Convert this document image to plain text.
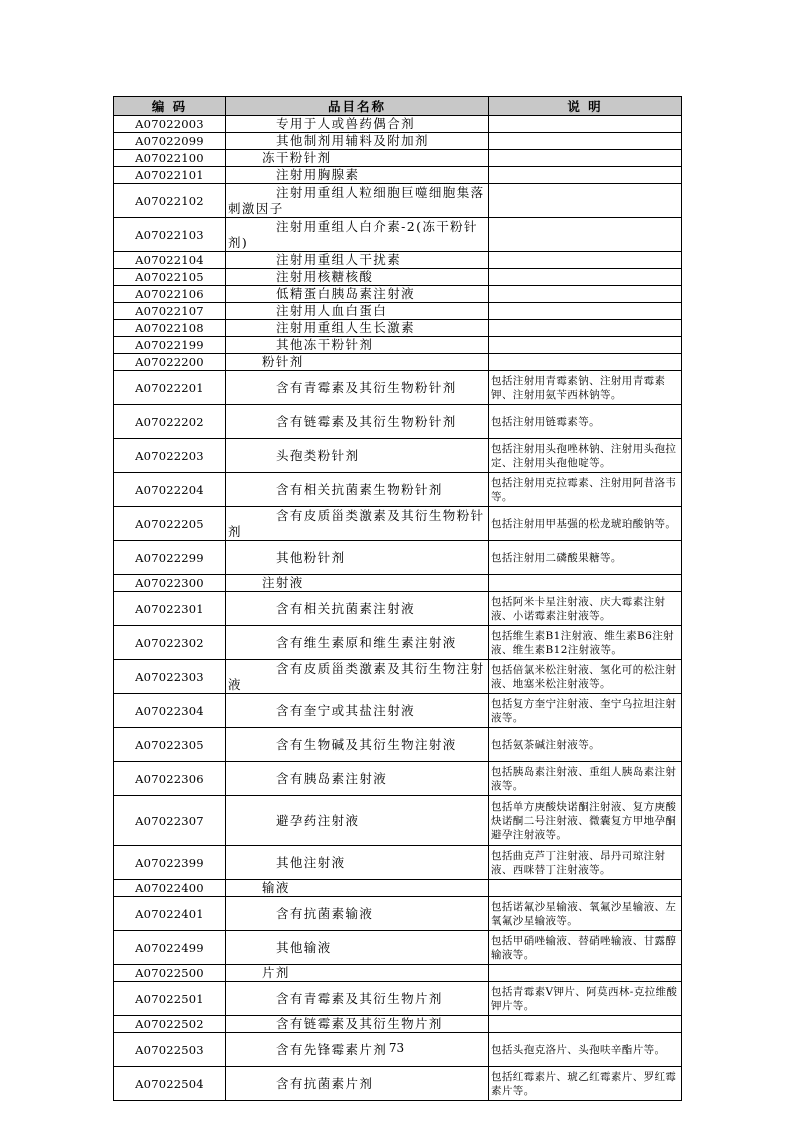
编 码	品目名称	说 明
A07022003	专用于人或兽药偶合剂	
A07022099	其他制剂用辅料及附加剂	
A07022100	冻干粉针剂	
A07022101	注射用胸腺素	
A07022102	注射用重组人粒细胞巨噬细胞集落刺激因子	
A07022103	注射用重组人白介素-2(冻干粉针剂)	
A07022104	注射用重组人干扰素	
A07022105	注射用核糖核酸	
A07022106	低精蛋白胰岛素注射液	
A07022107	注射用人血白蛋白	
A07022108	注射用重组人生长激素	
A07022199	其他冻干粉针剂	
A07022200	粉针剂	
A07022201	含有青霉素及其衍生物粉针剂	包括注射用青霉素钠、注射用青霉素钾、注射用氨苄西林钠等。
A07022202	含有链霉素及其衍生物粉针剂	包括注射用链霉素等。
A07022203	头孢类粉针剂	包括注射用头孢唑林钠、注射用头孢拉定、注射用头孢他啶等。
A07022204	含有相关抗菌素生物粉针剂	包括注射用克拉霉素、注射用阿昔洛韦等。
A07022205	含有皮质甾类激素及其衍生物粉针剂	包括注射用甲基强的松龙琥珀酸钠等。
A07022299	其他粉针剂	包括注射用二磷酸果糖等。
A07022300	注射液	
A07022301	含有相关抗菌素注射液	包括阿米卡星注射液、庆大霉素注射液、小诺霉素注射液等。
A07022302	含有维生素原和维生素注射液	包括维生素B1注射液、维生素B6注射液、维生素B12注射液等。
A07022303	含有皮质甾类激素及其衍生物注射液	包括倍氯米松注射液、氢化可的松注射液、地塞米松注射液等。
A07022304	含有奎宁或其盐注射液	包括复方奎宁注射液、奎宁乌拉坦注射液等。
A07022305	含有生物碱及其衍生物注射液	包括氨茶碱注射液等。
A07022306	含有胰岛素注射液	包括胰岛素注射液、重组人胰岛素注射液等。
A07022307	避孕药注射液	包括单方庚酸炔诺酮注射液、复方庚酸炔诺酮二号注射液、微囊复方甲地孕酮避孕注射液等。
A07022399	其他注射液	包括曲克芦丁注射液、昂丹司琼注射液、西咪替丁注射液等。
A07022400	输液	
A07022401	含有抗菌素输液	包括诺氟沙星输液、氧氟沙星输液、左氧氟沙星输液等。
A07022499	其他输液	包括甲硝唑输液、替硝唑输液、甘露醇输液等。
A07022500	片剂	
A07022501	含有青霉素及其衍生物片剂	包括青霉素V钾片、阿莫西林-克拉维酸钾片等。
A07022502	含有链霉素及其衍生物片剂	
A07022503	含有先锋霉素片剂	包括头孢克洛片、头孢呋辛酯片等。
A07022504	含有抗菌素片剂	包括红霉素片、琥乙红霉素片、罗红霉素片等。
73
